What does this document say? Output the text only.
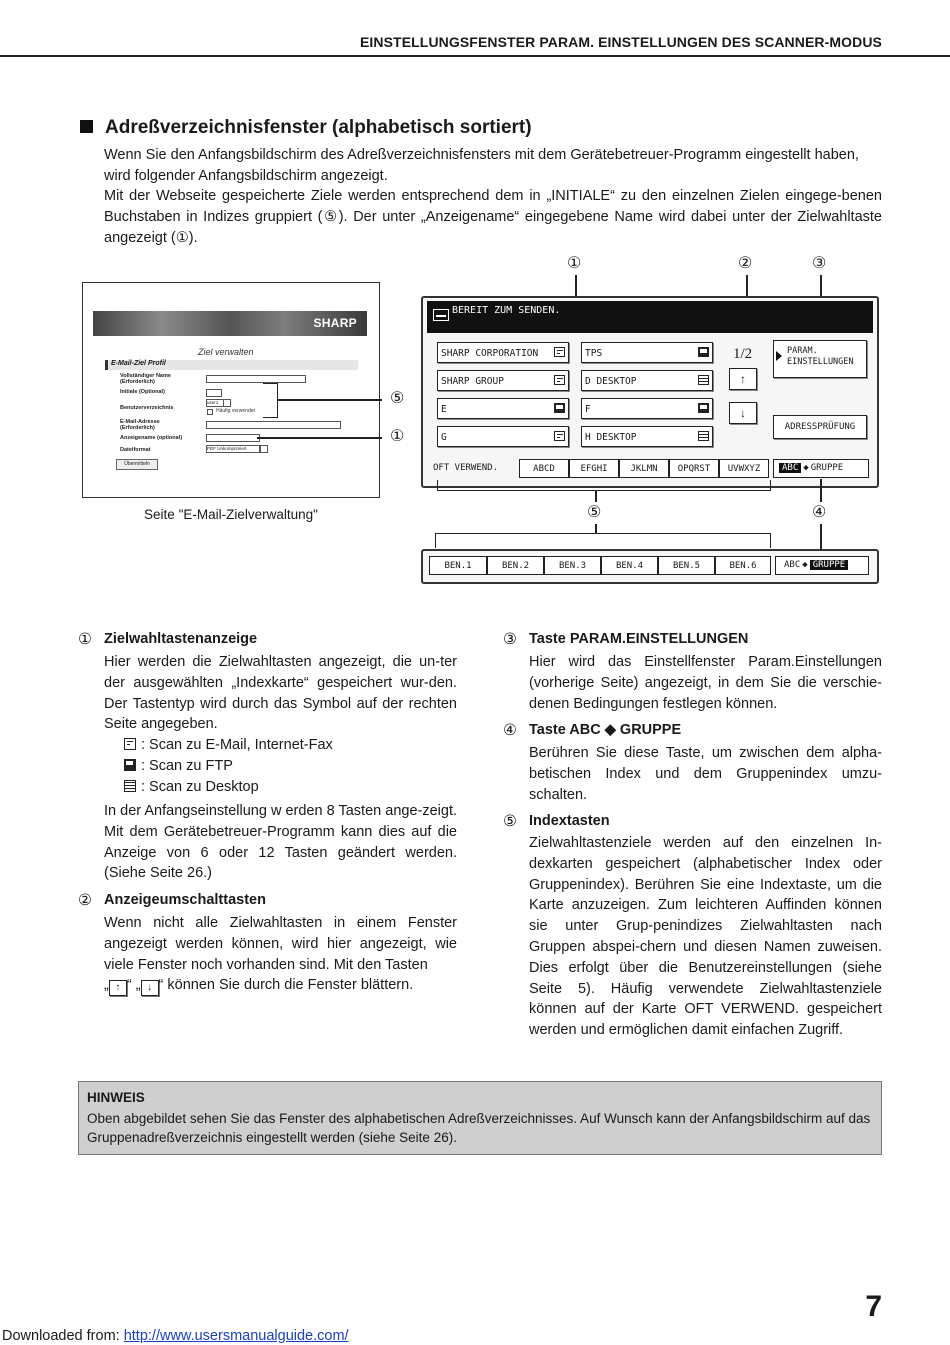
EINSTELLUNGSFENSTER PARAM. EINSTELLUNGEN DES SCANNER-MODUS
Adreßverzeichnisfenster (alphabetisch sortiert)
Wenn Sie den Anfangsbildschirm des Adreßverzeichnisfensters mit dem Gerätebetreuer-Programm eingestellt haben, wird folgender Anfangsbildschirm angezeigt.
Mit der Webseite gespeicherte Ziele werden entsprechend dem in „INITIALE“ zu den einzelnen Zielen eingege-benen Buchstaben in Indizes gruppiert (⑤). Der unter „Anzeigename“ eingegebene Name wird dabei unter der Zielwahltaste angezeigt (①).
①	②	③
SHARP
Ziel verwalten
E-Mail-Ziel Profil
Vollständiger Name (Erforderlich)
Initiale (Optional)
Benutzerverzeichnis
user1
Häufig verwendet
E-Mail-Adresse (Erforderlich)
Anzeigename (optional)
Dateiformat	PDF Unkomprimiert
Übermitteln
⑤
①
Seite "E-Mail-Zielverwaltung"
BEREIT ZUM SENDEN.
SHARP CORPORATION	TPS
SHARP GROUP	D DESKTOP
E	F
G	H DESKTOP
1/2
↑
↓
PARAM.
EINSTELLUNGEN
ADRESSPRÜFUNG
OFT VERWEND.	ABCD	EFGHI	JKLMN	OPQRST	UVWXYZ	ABC ◆ GRUPPE
⑤	④
BEN.1	BEN.2	BEN.3	BEN.4	BEN.5	BEN.6	ABC ◆ GRUPPE
① Zielwahltastenanzeige
Hier werden die Zielwahltasten angezeigt, die un-ter der ausgewählten „Indexkarte“ gespeichert wur-den. Der Tastentyp wird durch das Symbol auf der rechten Seite angegeben.
: Scan zu E-Mail, Internet-Fax
: Scan zu FTP
: Scan zu Desktop
In der Anfangseinstellung w erden 8 Tasten ange-zeigt. Mit dem Gerätebetreuer-Programm kann dies auf die Anzeige von 6 oder 12 Tasten geändert werden. (Siehe Seite 26.)
② Anzeigeumschalttasten
Wenn nicht alle Zielwahltasten in einem Fenster angezeigt werden können, wird hier angezeigt, wie viele Fenster noch vorhanden sind. Mit den Tasten
„ ↑ “ „ ↓ “ können Sie durch die Fenster blättern.
③ Taste PARAM.EINSTELLUNGEN
Hier wird das Einstellfenster Param.Einstellungen (vorherige Seite) angezeigt, in dem Sie die verschie-denen Bedingungen festlegen können.
④ Taste ABC ◆ GRUPPE
Berühren Sie diese Taste, um zwischen dem alpha-betischen Index und dem Gruppenindex umzu-schalten.
⑤ Indextasten
Zielwahltastenziele werden auf den einzelnen In-dexkarten gespeichert (alphabetischer Index oder Gruppenindex). Berühren Sie eine Indextaste, um die Karte anzuzeigen. Zum leichteren Auffinden können sie unter Grup-penindizes Zielwahltasten nach Gruppen abspei-chern und diesen Namen zuweisen. Dies erfolgt über die Benutzereinstellungen (siehe Seite 5). Häufig verwendete Zielwahltastenziele können auf der Karte OFT VERWEND. gespeichert werden und ermöglichen damit einfachen Zugriff.
HINWEIS
Oben abgebildet sehen Sie das Fenster des alphabetischen Adreßverzeichnisses. Auf Wunsch kann der Anfangsbildschirm auf das Gruppenadreßverzeichnis eingestellt werden (siehe Seite 26).
7
Downloaded from: http://www.usersmanualguide.com/
